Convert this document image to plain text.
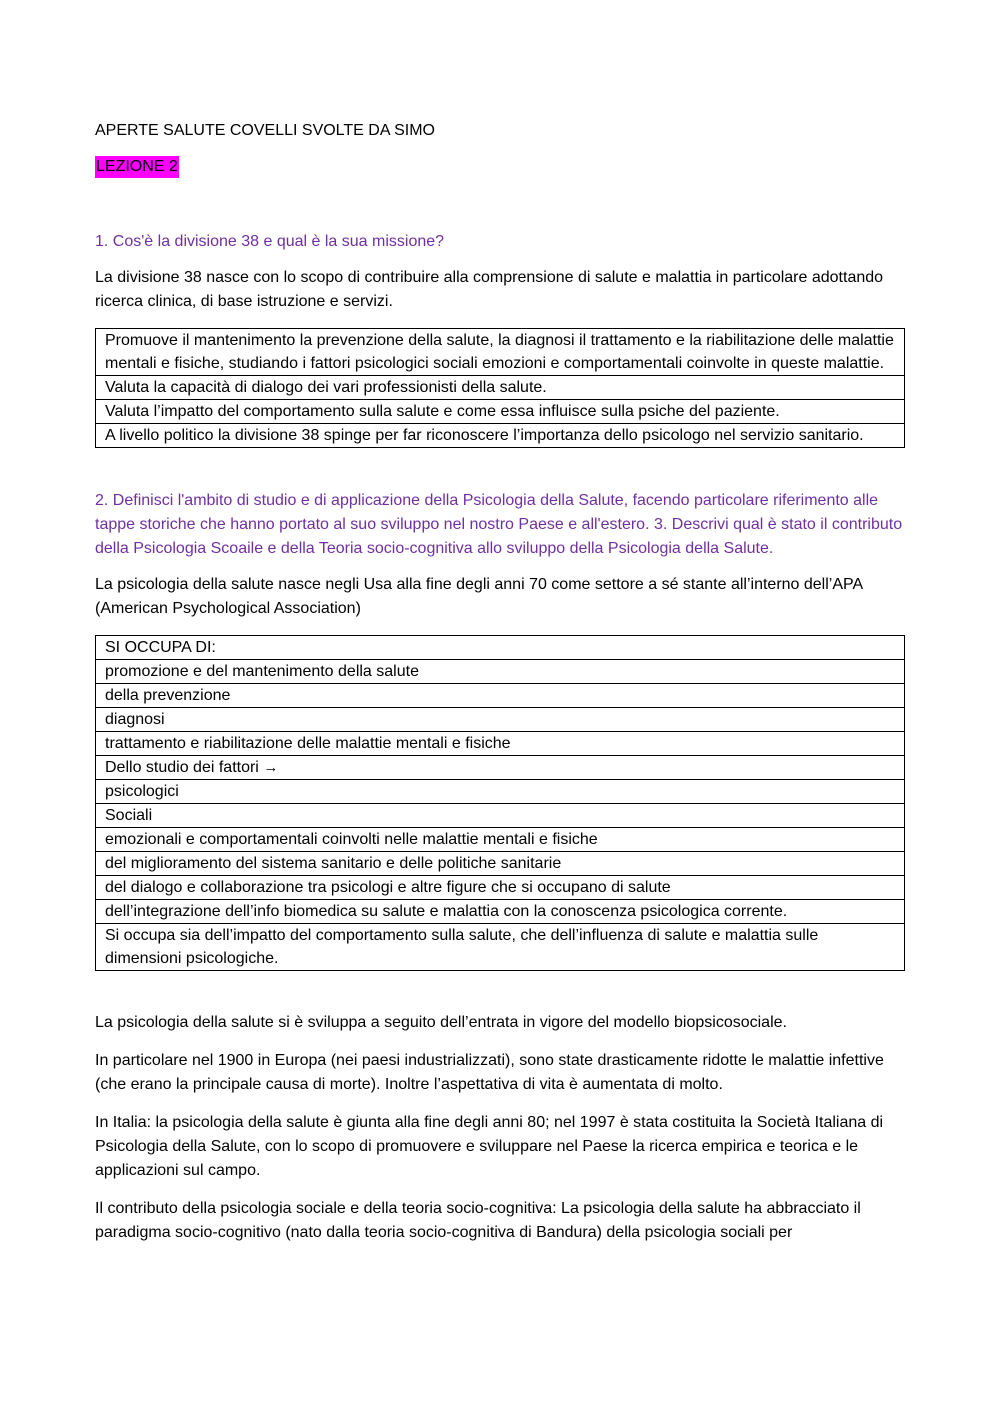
APERTE SALUTE COVELLI SVOLTE DA SIMO
LEZIONE 2
1. Cos'è la divisione 38 e qual è la sua missione?

La divisione 38 nasce con lo scopo di contribuire alla comprensione di salute e malattia in particolare adottando ricerca clinica, di base istruzione e servizi.

Promuove il mantenimento la prevenzione della salute, la diagnosi il trattamento e la riabilitazione delle malattie mentali e fisiche, studiando i fattori psicologici sociali emozioni e comportamentali coinvolte in queste malattie.
Valuta la capacità di dialogo dei vari professionisti della salute.
Valuta l’impatto del comportamento sulla salute e come essa influisce sulla psiche del paziente.
A livello politico la divisione 38 spinge per far riconoscere l’importanza dello psicologo nel servizio sanitario.
2. Definisci l'ambito di studio e di applicazione della Psicologia della Salute, facendo particolare riferimento alle tappe storiche che hanno portato al suo sviluppo nel nostro Paese e all'estero. 3. Descrivi qual è stato il contributo della Psicologia Scoaile e della Teoria socio-cognitiva allo sviluppo della Psicologia della Salute.

La psicologia della salute nasce negli Usa alla fine degli anni 70 come settore a sé stante all’interno dell’APA (American Psychological Association)

SI OCCUPA DI:
promozione e del mantenimento della salute
della prevenzione
diagnosi
trattamento e riabilitazione delle malattie mentali e fisiche
Dello studio dei fattori →
psicologici
Sociali
emozionali e comportamentali coinvolti nelle malattie mentali e fisiche
del miglioramento del sistema sanitario e delle politiche sanitarie
del dialogo e collaborazione tra psicologi e altre figure che si occupano di salute
dell’integrazione dell’info biomedica su salute e malattia con la conoscenza psicologica corrente.
Si occupa sia dell’impatto del comportamento sulla salute, che dell’influenza di salute e malattia sulle dimensioni psicologiche.

La psicologia della salute si è sviluppa a seguito dell’entrata in vigore del modello biopsicosociale.

In particolare nel 1900 in Europa (nei paesi industrializzati), sono state drasticamente ridotte le malattie infettive (che erano la principale causa di morte). Inoltre l’aspettativa di vita è aumentata di molto.

In Italia: la psicologia della salute è giunta alla fine degli anni 80; nel 1997 è stata costituita la Società Italiana di Psicologia della Salute, con lo scopo di promuovere e sviluppare nel Paese la ricerca empirica e teorica e le applicazioni sul campo.

Il contributo della psicologia sociale e della teoria socio-cognitiva: La psicologia della salute ha abbracciato il paradigma socio-cognitivo (nato dalla teoria socio-cognitiva di Bandura) della psicologia sociali per
